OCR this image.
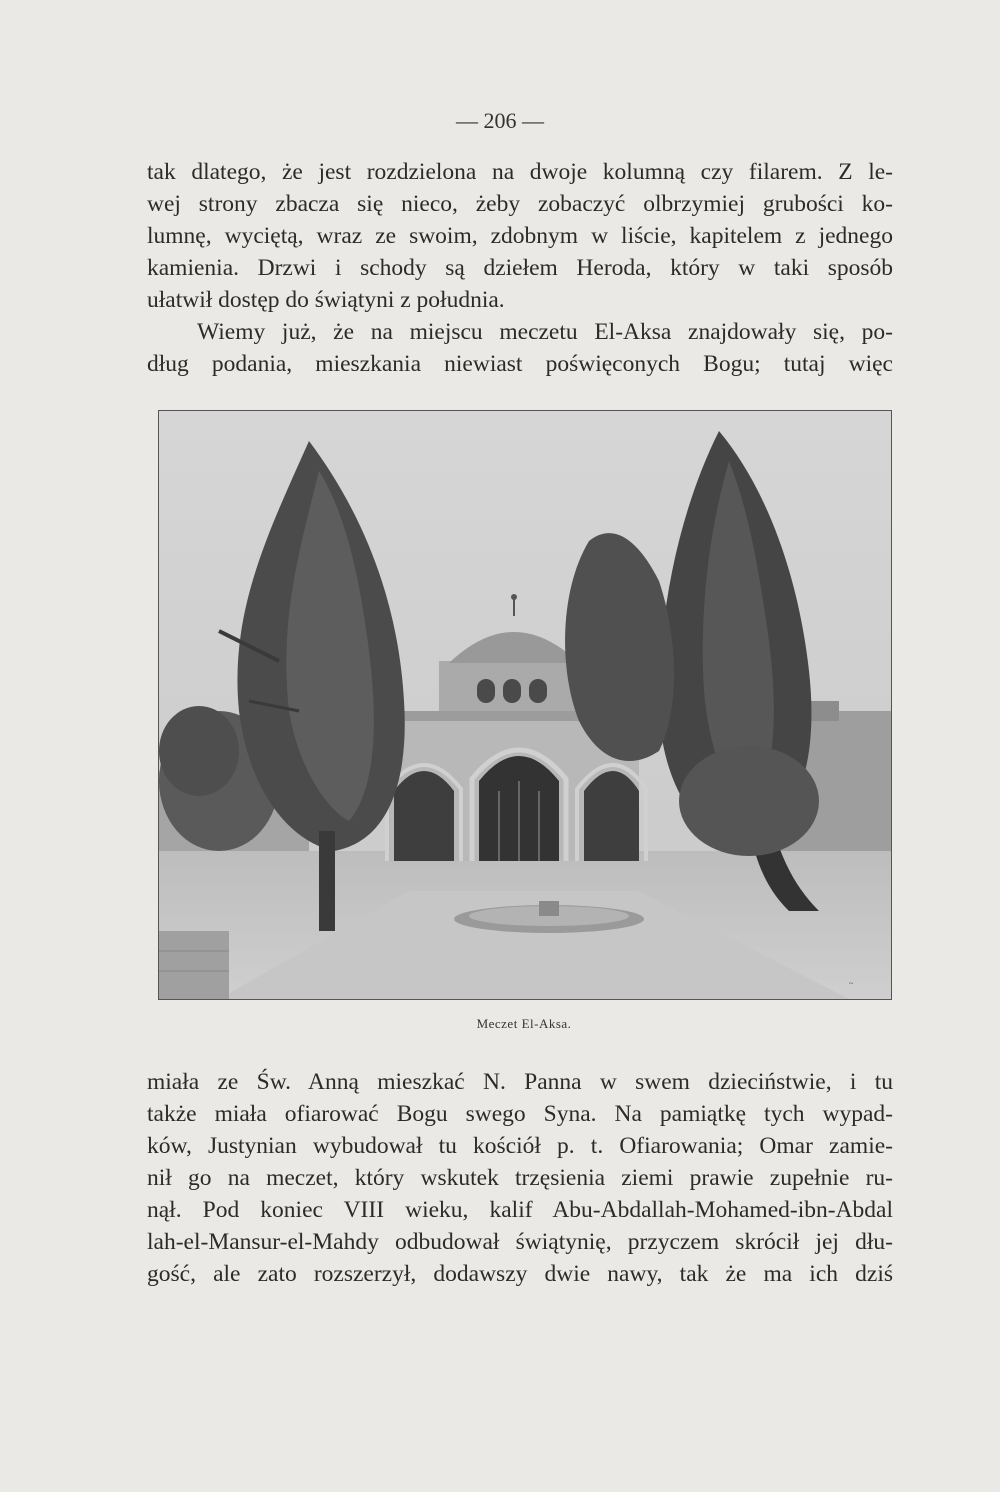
— 206 —
tak dlatego, że jest rozdzielona na dwoje kolumną czy filarem. Z le-
wej strony zbacza się nieco, żeby zobaczyć olbrzymiej grubości ko-
lumnę, wyciętą, wraz ze swoim, zdobnym w liście, kapitelem z jednego
kamienia. Drzwi i schody są dziełem Heroda, który w taki sposób
ułatwił dostęp do świątyni z południa.
Wiemy już, że na miejscu meczetu El-Aksa znajdowały się, po-
dług podania, mieszkania niewiast poświęconych Bogu; tutaj więc
~
Meczet El-Aksa.
miała ze Św. Anną mieszkać N. Panna w swem dzieciństwie, i tu
także miała ofiarować Bogu swego Syna. Na pamiątkę tych wypad-
ków, Justynian wybudował tu kościół p. t. Ofiarowania; Omar zamie-
nił go na meczet, który wskutek trzęsienia ziemi prawie zupełnie ru-
nął. Pod koniec VIII wieku, kalif Abu-Abdallah-Mohamed-ibn-Abdal
lah-el-Mansur-el-Mahdy odbudował świątynię, przyczem skrócił jej dłu-
gość, ale zato rozszerzył, dodawszy dwie nawy, tak że ma ich dziś
